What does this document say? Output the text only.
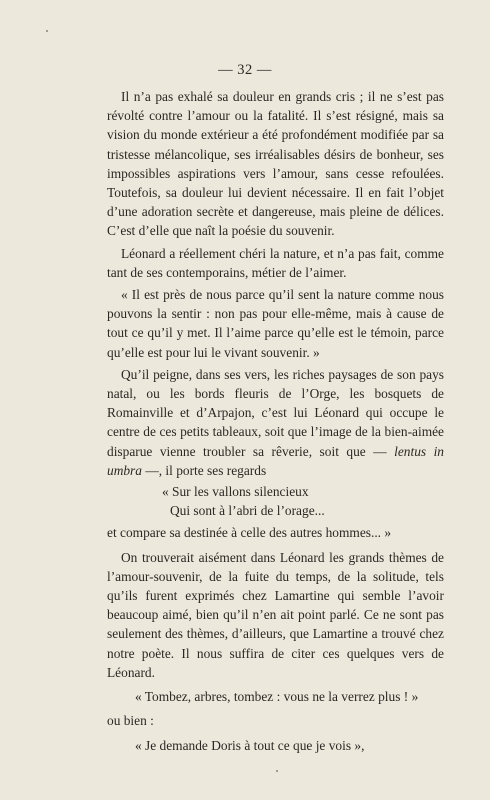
— 32 —

Il n’a pas exhalé sa douleur en grands cris ; il ne s’est pas révolté contre l’amour ou la fatalité. Il s’est résigné, mais sa vision du monde extérieur a été profondément modifiée par sa tristesse mélancolique, ses irréalisables désirs de bonheur, ses impossibles aspirations vers l’amour, sans cesse refoulées. Toutefois, sa douleur lui devient nécessaire. Il en fait l’objet d’une adoration secrète et dangereuse, mais pleine de délices. C’est d’elle que naît la poésie du souvenir.

Léonard a réellement chéri la nature, et n’a pas fait, comme tant de ses contemporains, métier de l’aimer.

« Il est près de nous parce qu’il sent la nature comme nous pouvons la sentir : non pas pour elle-même, mais à cause de tout ce qu’il y met. Il l’aime parce qu’elle est le témoin, parce qu’elle est pour lui le vivant souvenir. »

Qu’il peigne, dans ses vers, les riches paysages de son pays natal, ou les bords fleuris de l’Orge, les bosquets de Romainville et d’Arpajon, c’est lui Léonard qui occupe le centre de ces petits tableaux, soit que l’image de la bien-aimée disparue vienne troubler sa rêverie, soit que — lentus in umbra —, il porte ses regards

« Sur les vallons silencieux

Qui sont à l’abri de l’orage...

et compare sa destinée à celle des autres hommes... »

On trouverait aisément dans Léonard les grands thèmes de l’amour-souvenir, de la fuite du temps, de la solitude, tels qu’ils furent exprimés chez Lamartine qui semble l’avoir beaucoup aimé, bien qu’il n’en ait point parlé. Ce ne sont pas seulement des thèmes, d’ailleurs, que Lamartine a trouvé chez notre poète. Il nous suffira de citer ces quelques vers de Léonard.

« Tombez, arbres, tombez : vous ne la verrez plus ! »

ou bien :

« Je demande Doris à tout ce que je vois »,
